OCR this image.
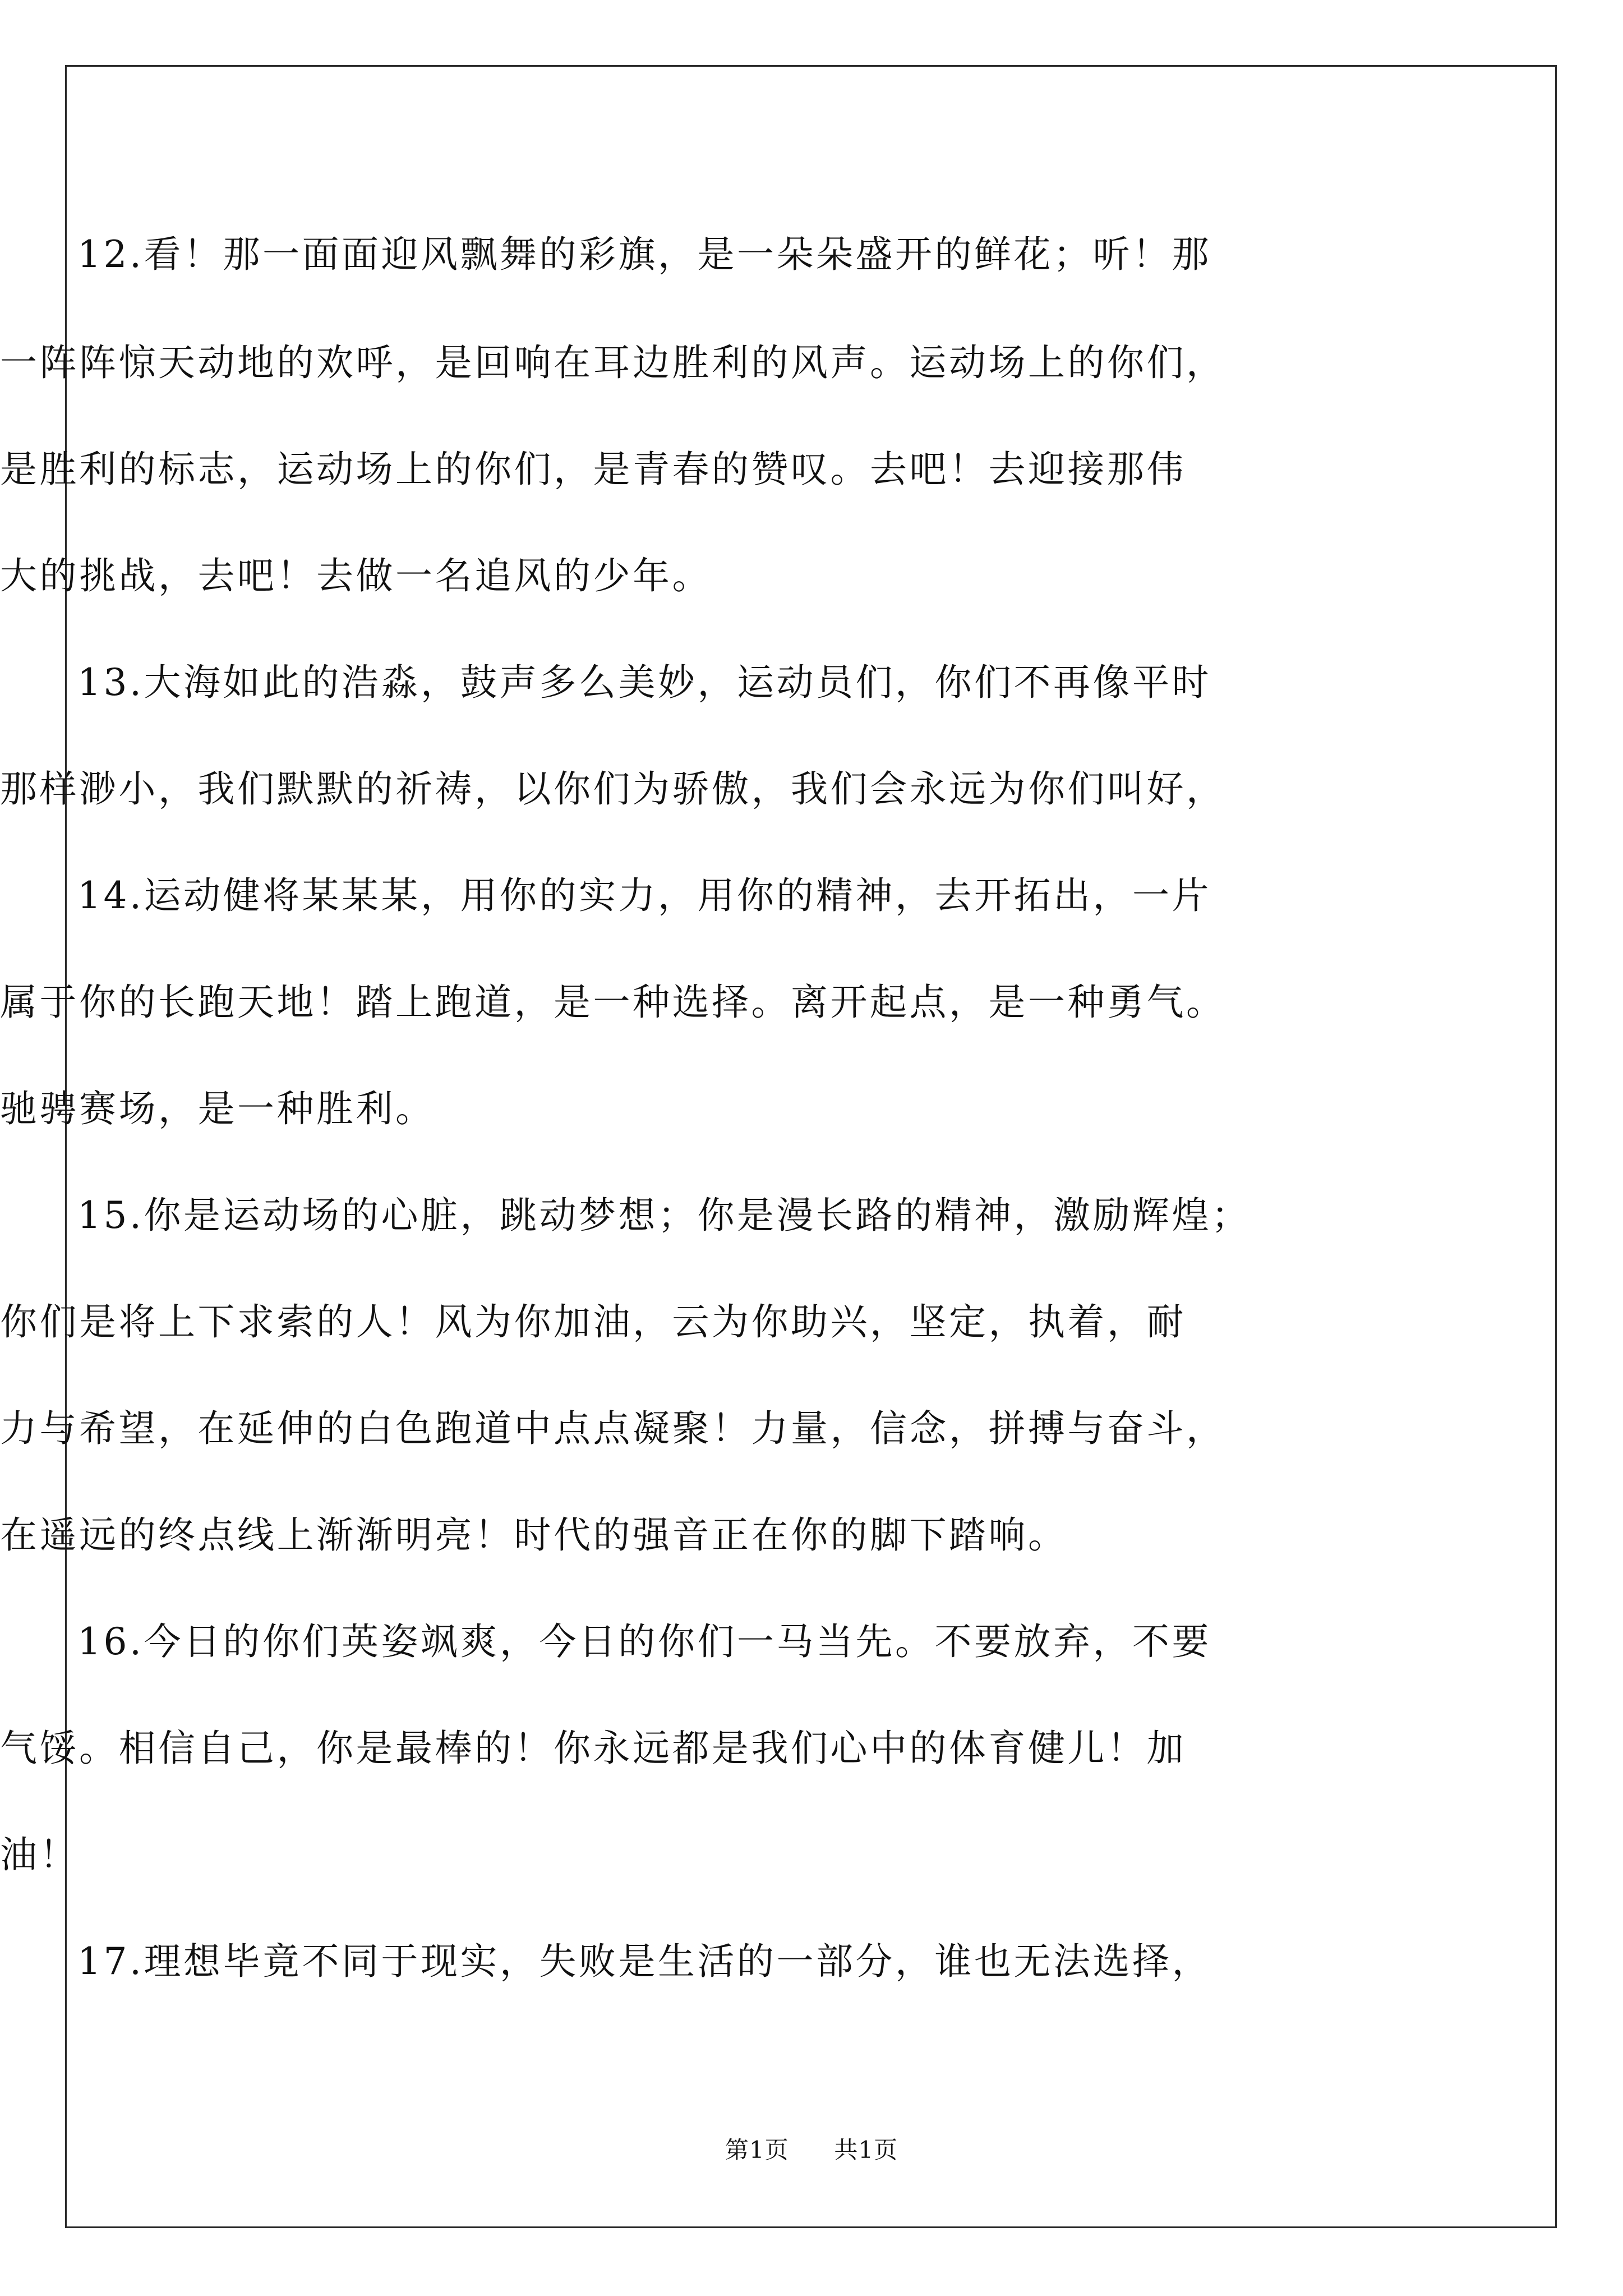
12.看！那一面面迎风飘舞的彩旗，是一朵朵盛开的鲜花；听！那
一阵阵惊天动地的欢呼，是回响在耳边胜利的风声。运动场上的你们，
是胜利的标志，运动场上的你们，是青春的赞叹。去吧！去迎接那伟
大的挑战，去吧！去做一名追风的少年。
13.大海如此的浩淼，鼓声多么美妙，运动员们，你们不再像平时
那样渺小，我们默默的祈祷，以你们为骄傲，我们会永远为你们叫好，
14.运动健将某某某，用你的实力，用你的精神，去开拓出，一片
属于你的长跑天地！踏上跑道，是一种选择。离开起点，是一种勇气。
驰骋赛场，是一种胜利。
15.你是运动场的心脏，跳动梦想；你是漫长路的精神，激励辉煌；
你们是将上下求索的人！风为你加油，云为你助兴，坚定，执着，耐
力与希望，在延伸的白色跑道中点点凝聚！力量，信念，拼搏与奋斗，
在遥远的终点线上渐渐明亮！时代的强音正在你的脚下踏响。
16.今日的你们英姿飒爽，今日的你们一马当先。不要放弃，不要
气馁。相信自己，你是最棒的！你永远都是我们心中的体育健儿！加
油！
17.理想毕竟不同于现实，失败是生活的一部分，谁也无法选择，
第1页 共1页
